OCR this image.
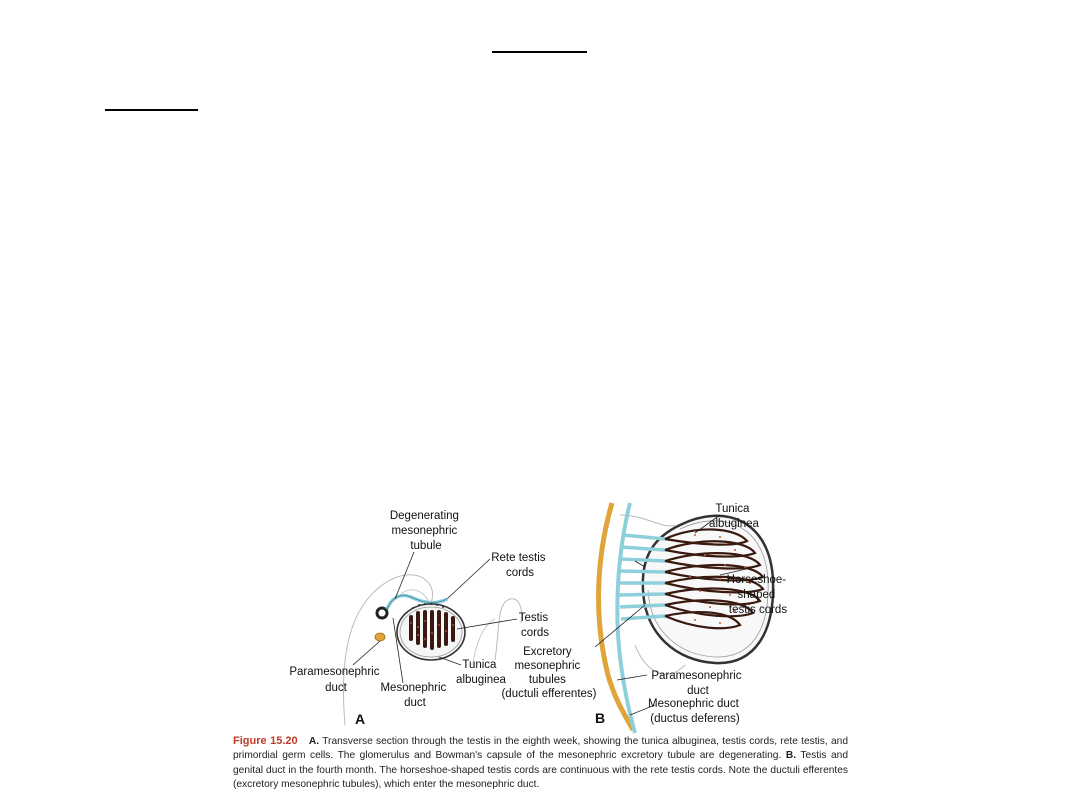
Degenerating mesonephric tubule
Rete testis cords
Testis cords
Paramesonephric duct	Mesonephric duct
Tunica albuginea
A
Tunica albuginea
Horseshoe- shaped testis cords
Excretory mesonephric tubules (ductuli efferentes)
Paramesonephric duct
Mesonephric duct (ductus deferens)
B
Figure 15.20 A. Transverse section through the testis in the eighth week, showing the tunica albuginea, testis cords, rete testis, and primordial germ cells. The glomerulus and Bowman's capsule of the mesonephric excretory tubule are degenerating. B. Testis and genital duct in the fourth month. The horseshoe-shaped testis cords are continuous with the rete testis cords. Note the ductuli efferentes (excretory mesonephric tubules), which enter the mesonephric duct.
